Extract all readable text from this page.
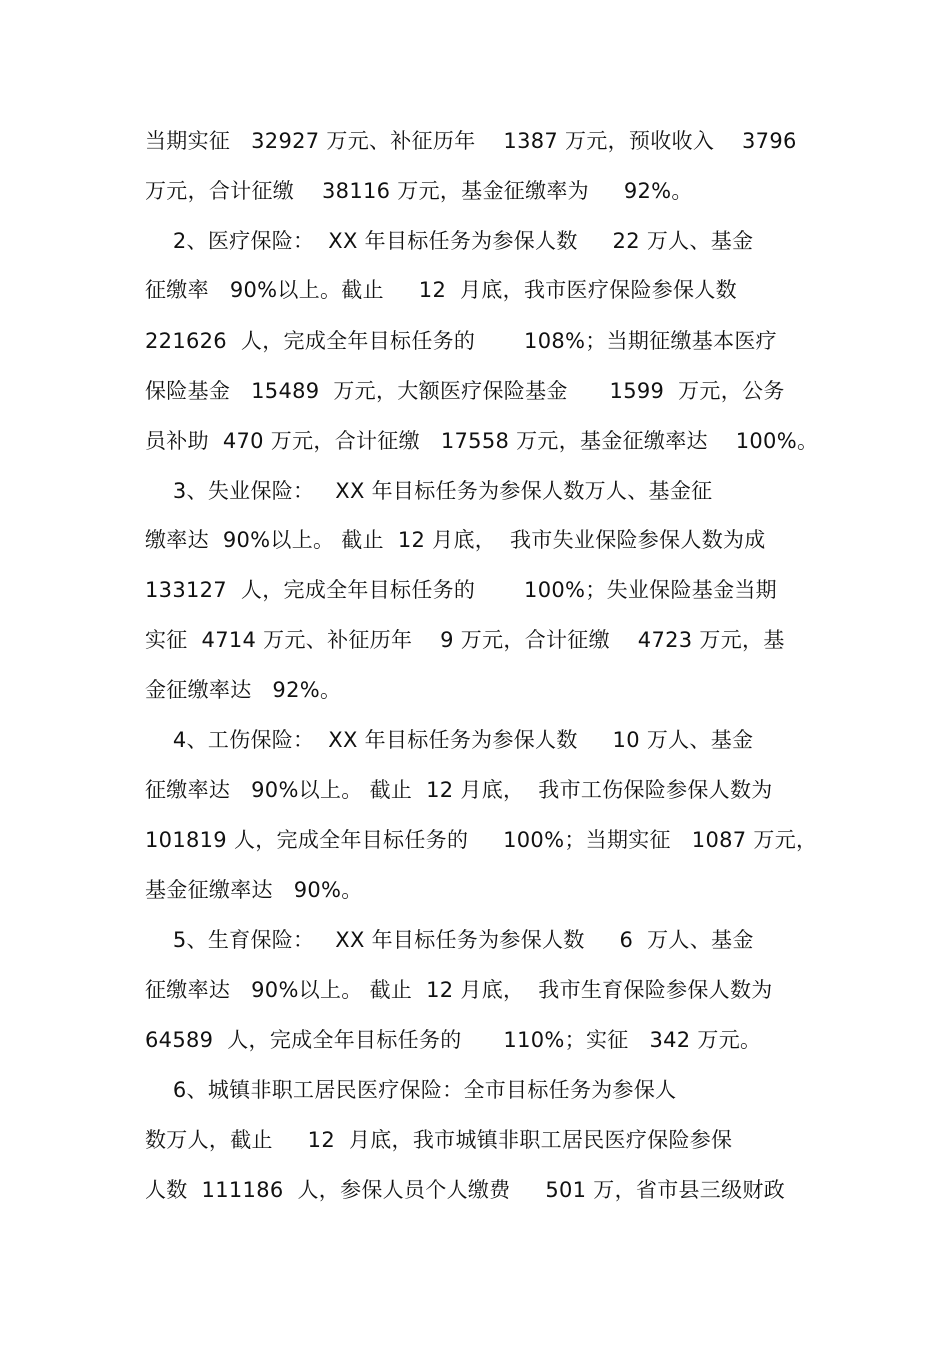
当期实征   32927 万元、补征历年    1387 万元，预收收入    3796
万元，合计征缴    38116 万元，基金征缴率为     92%。
2、医疗保险：  XX 年目标任务为参保人数     22 万人、基金
征缴率   90%以上。截止     12  月底，我市医疗保险参保人数
221626  人，完成全年目标任务的       108%；当期征缴基本医疗
保险基金   15489  万元，大额医疗保险基金      1599  万元，公务
员补助  470 万元，合计征缴   17558 万元，基金征缴率达    100%。
3、失业保险：   XX 年目标任务为参保人数万人、基金征
缴率达  90%以上。 截止  12 月底，  我市失业保险参保人数为成
133127  人，完成全年目标任务的       100%；失业保险基金当期
实征  4714 万元、补征历年    9 万元，合计征缴    4723 万元，基
金征缴率达   92%。
4、工伤保险：  XX 年目标任务为参保人数     10 万人、基金
征缴率达   90%以上。 截止  12 月底，  我市工伤保险参保人数为
101819 人，完成全年目标任务的     100%；当期实征   1087 万元，
基金征缴率达   90%。
5、生育保险：   XX 年目标任务为参保人数     6  万人、基金
征缴率达   90%以上。 截止  12 月底，  我市生育保险参保人数为
64589  人，完成全年目标任务的      110%；实征   342 万元。
6、城镇非职工居民医疗保险：全市目标任务为参保人
数万人，截止     12  月底，我市城镇非职工居民医疗保险参保
人数  111186  人，参保人员个人缴费     501 万，省市县三级财政
